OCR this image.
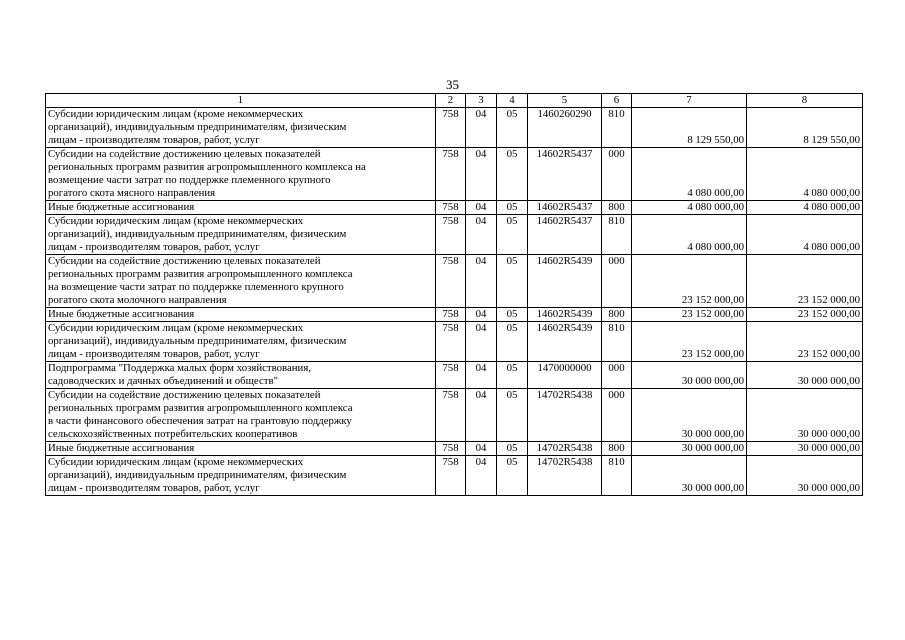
35
1	2	3	4	5	6	7	8
Субсидии юридическим лицам (кроме некоммерческих
организаций), индивидуальным предпринимателям, физическим
лицам - производителям товаров, работ, услуг	758	04	05	1460260290	810	8 129 550,00	8 129 550,00
Субсидии на содействие достижению целевых показателей
региональных программ развития агропромышленного комплекса на
возмещение части затрат по поддержке племенного крупного
рогатого скота мясного направления	758	04	05	14602R5437	000	4 080 000,00	4 080 000,00
Иные бюджетные ассигнования	758	04	05	14602R5437	800	4 080 000,00	4 080 000,00
Субсидии юридическим лицам (кроме некоммерческих
организаций), индивидуальным предпринимателям, физическим
лицам - производителям товаров, работ, услуг	758	04	05	14602R5437	810	4 080 000,00	4 080 000,00
Субсидии на содействие достижению целевых показателей
региональных программ развития агропромышленного комплекса
на возмещение части затрат по поддержке племенного крупного
рогатого скота молочного направления	758	04	05	14602R5439	000	23 152 000,00	23 152 000,00
Иные бюджетные ассигнования	758	04	05	14602R5439	800	23 152 000,00	23 152 000,00
Субсидии юридическим лицам (кроме некоммерческих
организаций), индивидуальным предпринимателям, физическим
лицам - производителям товаров, работ, услуг	758	04	05	14602R5439	810	23 152 000,00	23 152 000,00
Подпрограмма "Поддержка малых форм хозяйствования,
садоводческих и дачных объединений и обществ"	758	04	05	1470000000	000	30 000 000,00	30 000 000,00
Субсидии на содействие достижению целевых показателей
региональных программ развития агропромышленного комплекса
в части финансового обеспечения затрат на грантовую поддержку
сельскохозяйственных потребительских кооперативов	758	04	05	14702R5438	000	30 000 000,00	30 000 000,00
Иные бюджетные ассигнования	758	04	05	14702R5438	800	30 000 000,00	30 000 000,00
Субсидии юридическим лицам (кроме некоммерческих
организаций), индивидуальным предпринимателям, физическим
лицам - производителям товаров, работ, услуг	758	04	05	14702R5438	810	30 000 000,00	30 000 000,00
